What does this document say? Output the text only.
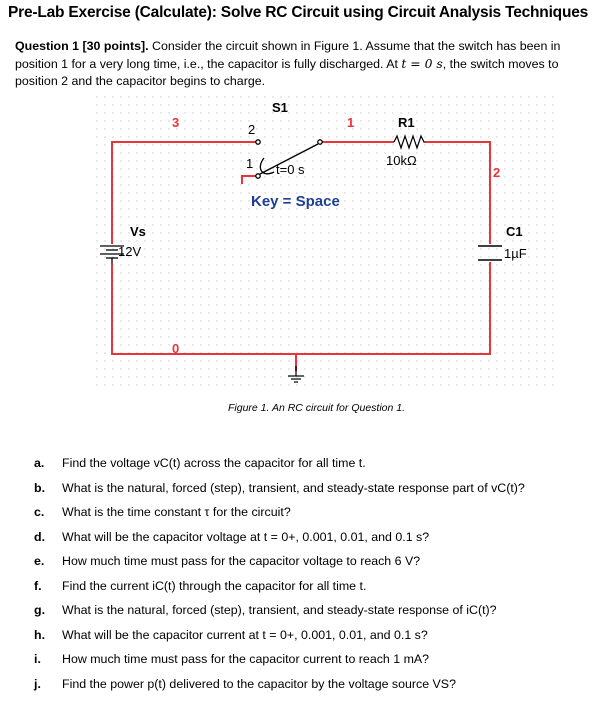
Pre-Lab Exercise (Calculate): Solve RC Circuit using Circuit Analysis Techniques
Question 1 [30 points]. Consider the circuit shown in Figure 1. Assume that the switch has been in position 1 for a very long time, i.e., the capacitor is fully discharged. At t = 0 s, the switch moves to position 2 and the capacitor begins to charge.
S1
2
1 t=0 s
Key = Space
3	1
2
0
Vs
12V
R1
10kΩ
C1
1µF
Figure 1. An RC circuit for Question 1.
a. Find the voltage vC(t) across the capacitor for all time t.
b. What is the natural, forced (step), transient, and steady-state response part of vC(t)?
c. What is the time constant τ for the circuit?
d. What will be the capacitor voltage at t = 0+, 0.001, 0.01, and 0.1 s?
e. How much time must pass for the capacitor voltage to reach 6 V?
f. Find the current iC(t) through the capacitor for all time t.
g. What is the natural, forced (step), transient, and steady-state response of iC(t)?
h. What will be the capacitor current at t = 0+, 0.001, 0.01, and 0.1 s?
i. How much time must pass for the capacitor current to reach 1 mA?
j. Find the power p(t) delivered to the capacitor by the voltage source VS?
